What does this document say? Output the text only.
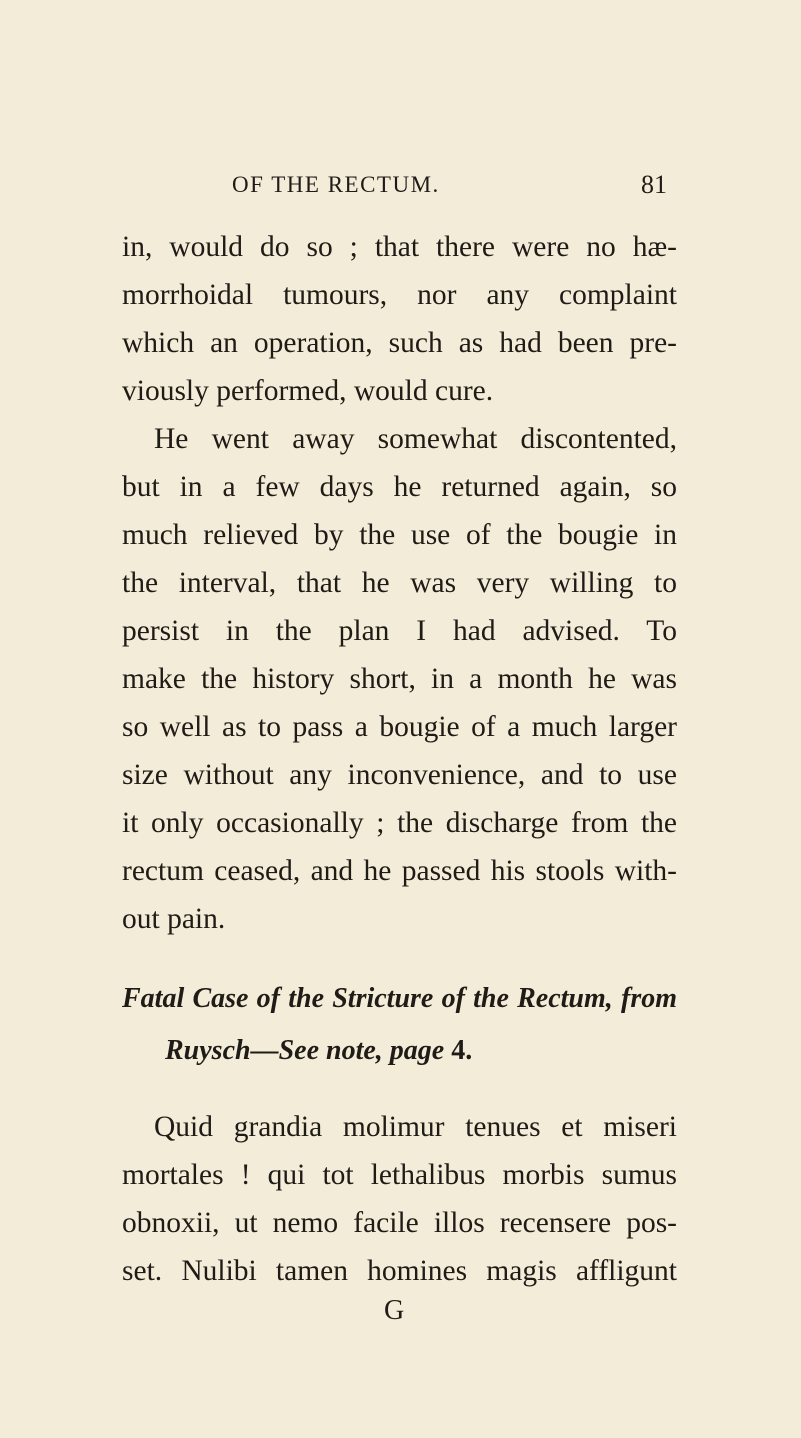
OF THE RECTUM.	81
in, would do so ; that there were no hæ-
morrhoidal tumours, nor any complaint
which an operation, such as had been pre-
viously performed, would cure.
He went away somewhat discontented,
but in a few days he returned again, so
much relieved by the use of the bougie in
the interval, that he was very willing to
persist in the plan I had advised. To
make the history short, in a month he was
so well as to pass a bougie of a much larger
size without any inconvenience, and to use
it only occasionally ; the discharge from the
rectum ceased, and he passed his stools with-
out pain.
Fatal Case of the Stricture of the Rectum, from
Ruysch—See note, page 4.
Quid grandia molimur tenues et miseri
mortales ! qui tot lethalibus morbis sumus
obnoxii, ut nemo facile illos recensere pos-
set. Nulibi tamen homines magis affligunt
G
